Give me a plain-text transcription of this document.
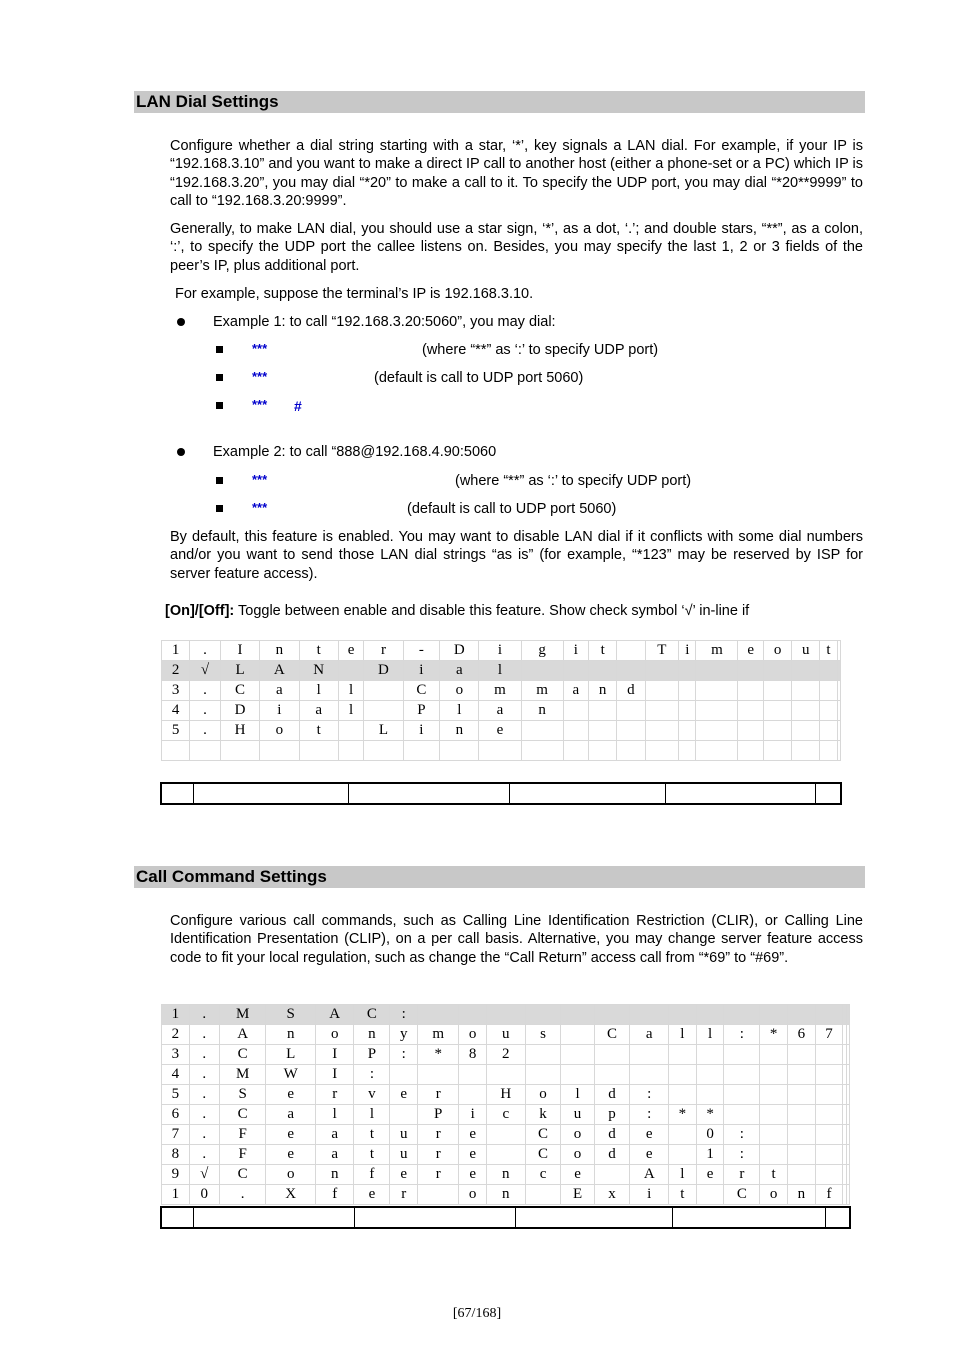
LAN Dial Settings

Configure whether a dial string starting with a star, ‘*’, key signals a LAN dial. For example, if your IP is “192.168.3.10” and you want to make a direct IP call to another host (either a phone-set or a PC) which IP is “192.168.3.20”, you may dial “*20” to make a call to it. To specify the UDP port, you may dial “*20**9999” to call to “192.168.3.20:9999”.

Generally, to make LAN dial, you should use a star sign, ‘*’, as a dot, ‘.’; and double stars, “**”, as a colon, ‘:’, to specify the UDP port the callee listens on. Besides, you may specify the last 1, 2 or 3 fields of the peer’s IP, plus additional port.

For example, suppose the terminal’s IP is 192.168.3.10.
Example 1: to call “192.168.3.20:5060”, you may dial:
***	(where “**” as ‘:’ to specify UDP port)
***	(default is call to UDP port 5060)
*** #
Example 2: to call “888@192.168.4.90:5060
***	(where “**” as ‘:’ to specify UDP port)
***	(default is call to UDP port 5060)

By default, this feature is enabled. You may want to disable LAN dial if it conflicts with some dial numbers and/or you want to send those LAN dial strings “as is” (for example, “*123” may be reserved by ISP for server feature access).

[On]/[Off]: Toggle between enable and disable this feature. Show check symbol ‘√’ in-line if
1	.	I	n	t	e	r	-	D	i	g	i	t		T	i	m	e	o	u	t	
2	√	L	A	N		D	i	a	l												
3	.	C	a	l	l		C	o	m	m	a	n	d								
4	.	D	i	a	l		P	l	a	n											
5	.	H	o	t		L	i	n	e												

Call Command Settings

Configure various call commands, such as Calling Line Identification Restriction (CLIR), or Calling Line Identification Presentation (CLIP), on a per call basis. Alternative, you may change server feature access code to fit your local regulation, such as change the “Call Return” access call from “*69” to “#69”.

1	.	M	S	A	C	:															
2	.	A	n	o	n	y	m	o	u	s		C	a	l	l	:	*	6	7		
3	.	C	L	I	P	:	*	8	2												
4	.	M	W	I	:																
5	.	S	e	r	v	e	r		H	o	l	d	:								
6	.	C	a	l	l		P	i	c	k	u	p	:	*	*						
7	.	F	e	a	t	u	r	e		C	o	d	e		0	:					
8	.	F	e	a	t	u	r	e		C	o	d	e		1	:					
9	√	C	o	n	f	e	r	e	n	c	e		A	l	e	r	t				
1	0	.	X	f	e	r		o	n		E	x	i	t		C	o	n	f		
[67/168]
